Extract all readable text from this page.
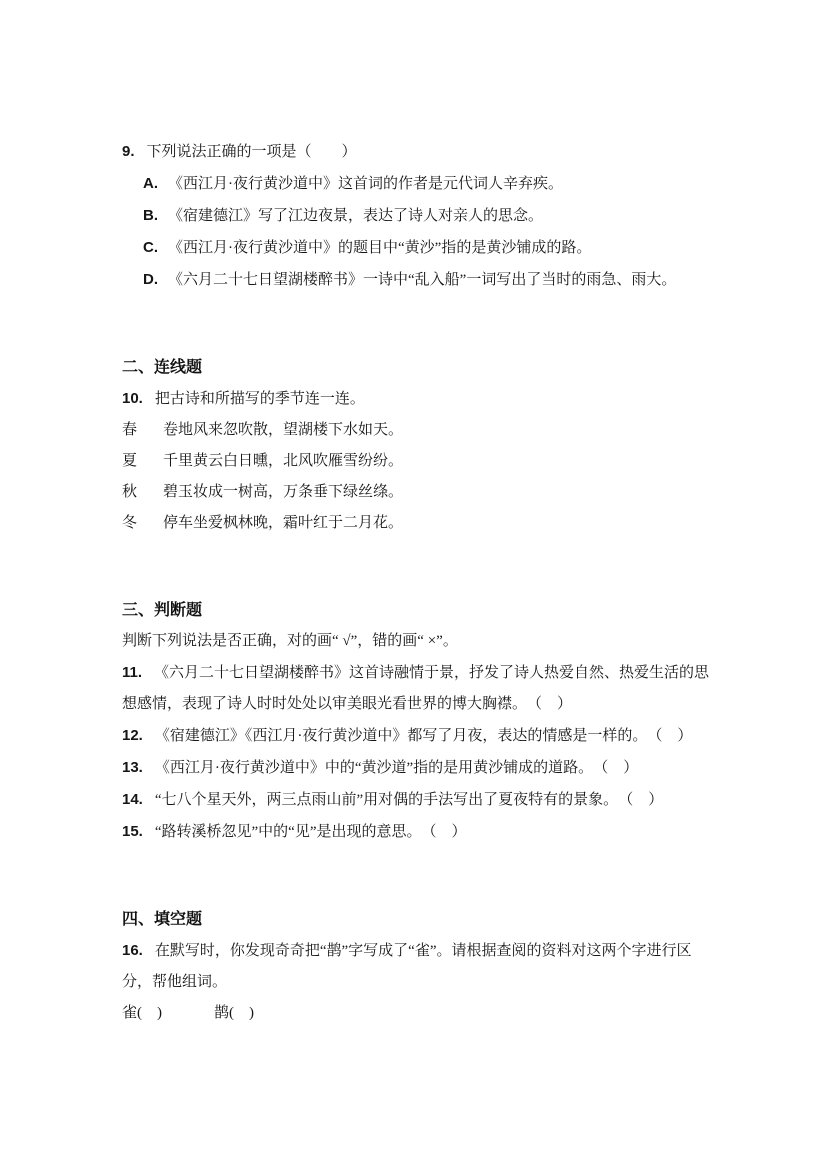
9. 下列说法正确的一项是（　　）

A. 《西江月·夜行黄沙道中》这首词的作者是元代词人辛弃疾。

B. 《宿建德江》写了江边夜景，表达了诗人对亲人的思念。

C. 《西江月·夜行黄沙道中》的题目中“黄沙”指的是黄沙铺成的路。

D. 《六月二十七日望湖楼醉书》一诗中“乱入船”一词写出了当时的雨急、雨大。

二、连线题

10. 把古诗和所描写的季节连一连。

春 卷地风来忽吹散，望湖楼下水如天。

夏 千里黄云白日曛，北风吹雁雪纷纷。

秋 碧玉妆成一树高，万条垂下绿丝绦。

冬 停车坐爱枫林晚，霜叶红于二月花。

三、判断题

判断下列说法是否正确，对的画“ √”，错的画“ ×”。

11. 《六月二十七日望湖楼醉书》这首诗融情于景，抒发了诗人热爱自然、热爱生活的思想感情，表现了诗人时时处处以审美眼光看世界的博大胸襟。　（　）

12. 《宿建德江》《西江月·夜行黄沙道中》都写了月夜，表达的情感是一样的。　（　）

13. 《西江月·夜行黄沙道中》中的“黄沙道”指的是用黄沙铺成的道路。　（　）

14. “七八个星天外，两三点雨山前”用对偶的手法写出了夏夜特有的景象。　（　）

15. “路转溪桥忽见”中的“见”是出现的意思。　（　）

四、填空题

16. 在默写时，你发现奇奇把“鹊”字写成了“雀”。请根据查阅的资料对这两个字进行区分，帮他组词。

雀(　)	鹊(　)
